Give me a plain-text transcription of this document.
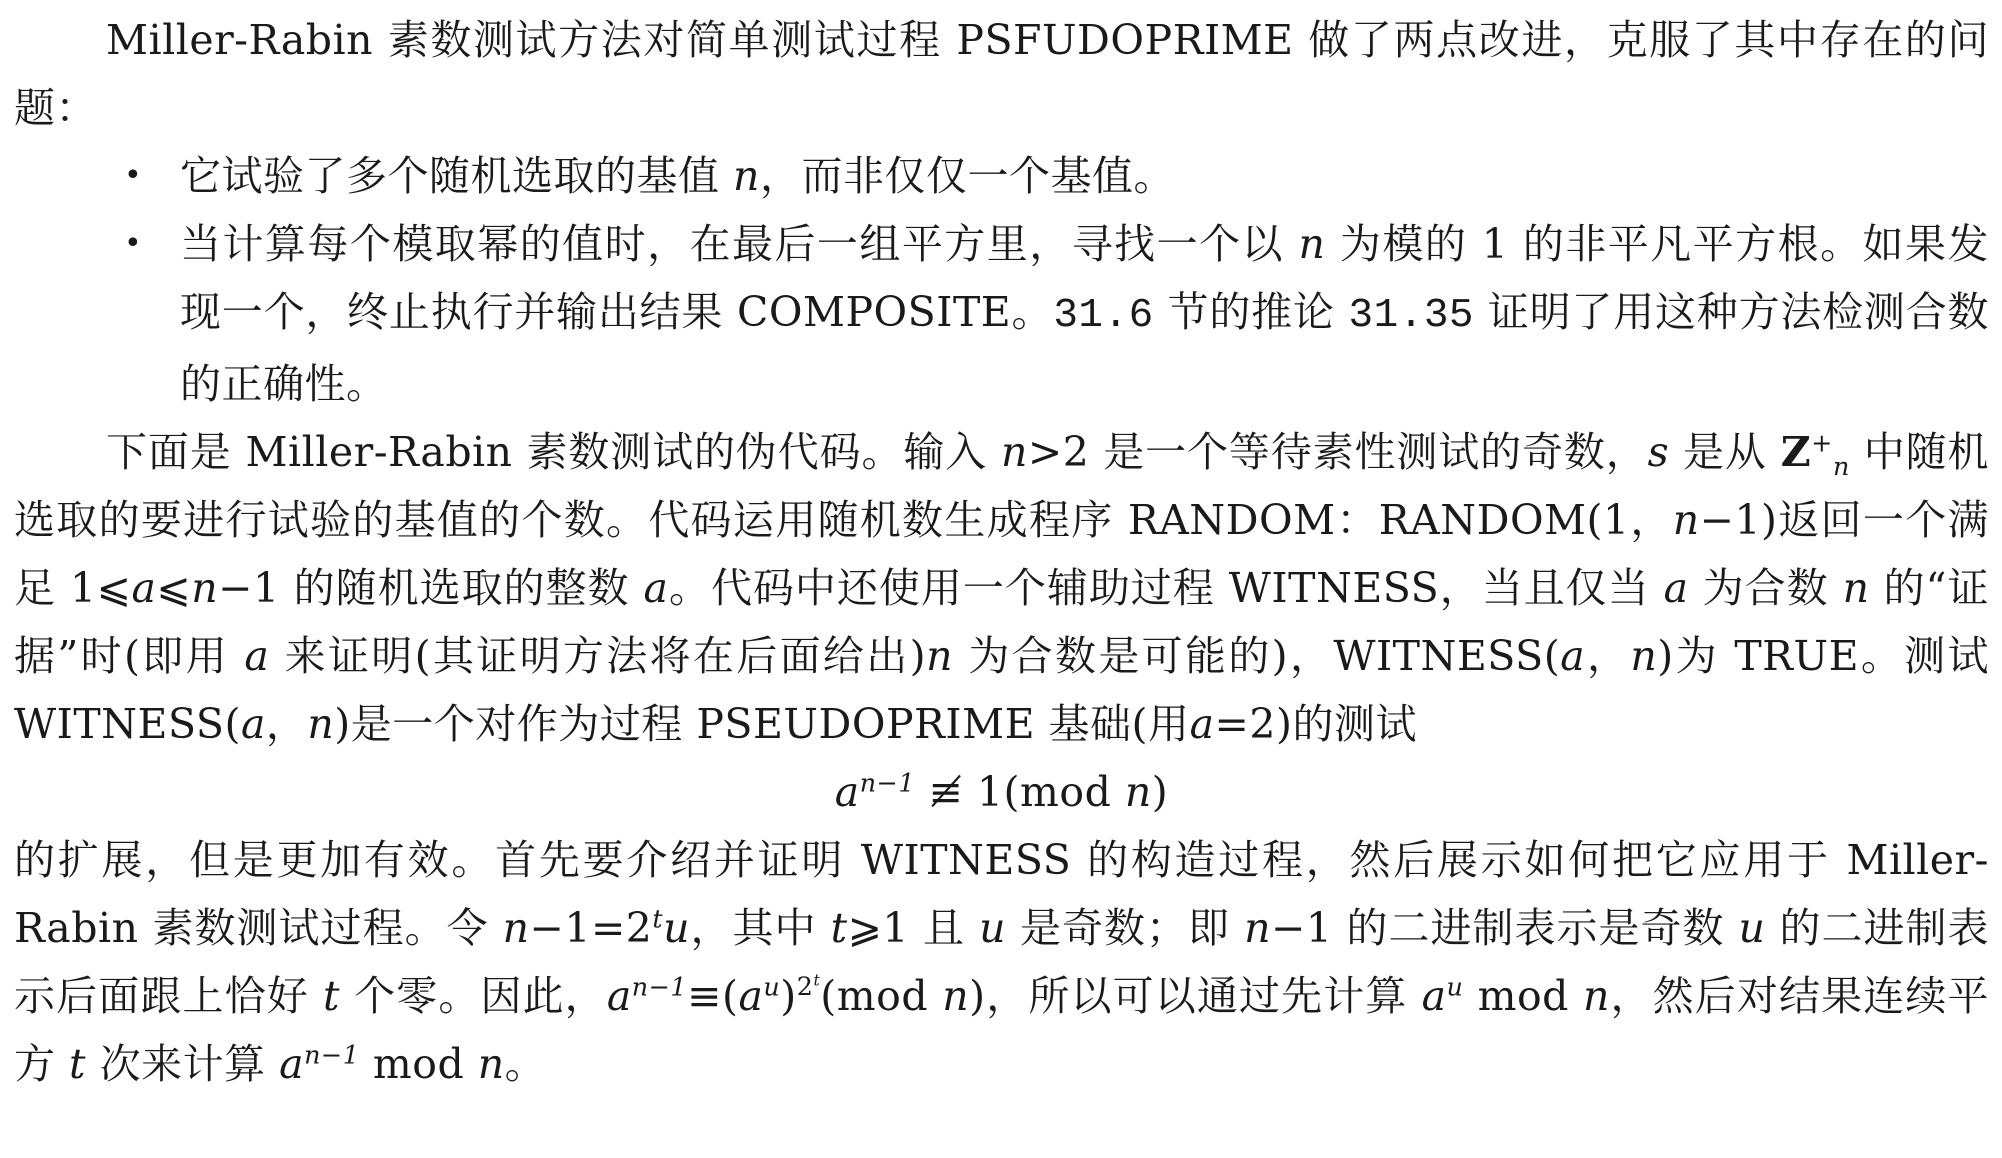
Miller-Rabin 素数测试方法对简单测试过程 PSFUDOPRIME 做了两点改进，克服了其中存在的问题：

• 它试验了多个随机选取的基值 n，而非仅仅一个基值。
• 当计算每个模取幂的值时，在最后一组平方里，寻找一个以 n 为模的 1 的非平凡平方根。如果发现一个，终止执行并输出结果 COMPOSITE。31.6 节的推论 31.35 证明了用这种方法检测合数的正确性。

下面是 Miller-Rabin 素数测试的伪代码。输入 n>2 是一个等待素性测试的奇数，s 是从 $Z^+_n$ 中随机选取的要进行试验的基值的个数。代码运用随机数生成程序 RANDOM：RANDOM(1，n−1)返回一个满足 1⩽a⩽n−1 的随机选取的整数 a。代码中还使用一个辅助过程 WITNESS，当且仅当 a 为合数 n 的“证据”时(即用 a 来证明(其证明方法将在后面给出)n 为合数是可能的)，WITNESS(a，n)为 TRUE。测试 WITNESS(a，n)是一个对作为过程 PSEUDOPRIME 基础(用a=2)的测试

$a^{n-1}$ ≢ 1(mod n)

的扩展，但是更加有效。首先要介绍并证明 WITNESS 的构造过程，然后展示如何把它应用于 Miller-Rabin 素数测试过程。令 $n-1=2^tu$，其中 t⩾1 且 u 是奇数；即 n−1 的二进制表示是奇数 u 的二进制表示后面跟上恰好 t 个零。因此，$a^{n-1}\equiv(a^u)^{2^t}(mod$ n)，所以可以通过先计算 $a^u$ mod n，然后对结果连续平方 t 次来计算 $a^{n-1}$ mod n。
